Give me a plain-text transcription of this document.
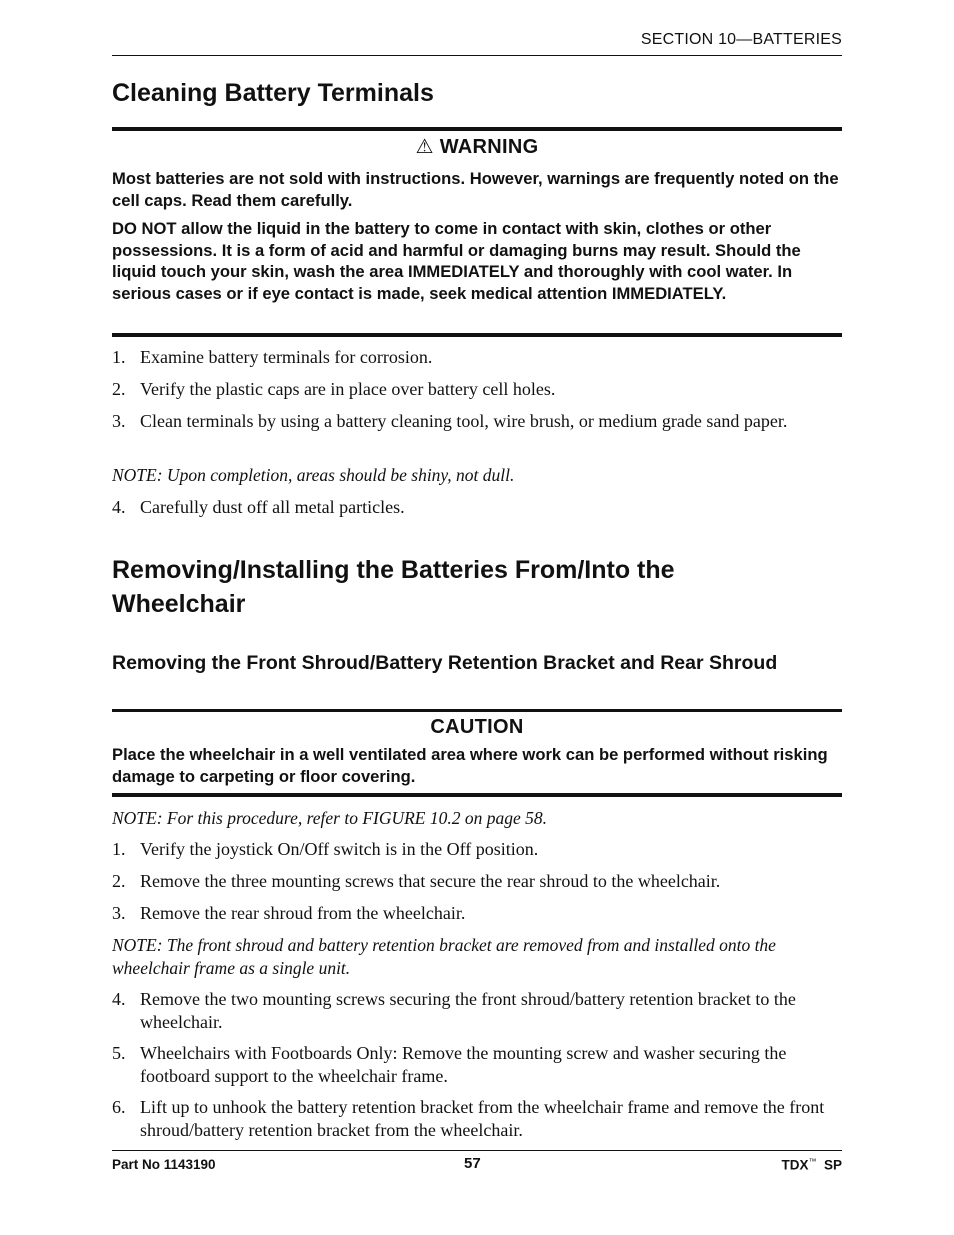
SECTION 10—BATTERIES
Cleaning Battery Terminals
⚠ WARNING
Most batteries are not sold with instructions. However, warnings are frequently noted on the cell caps. Read them carefully.
DO NOT allow the liquid in the battery to come in contact with skin, clothes or other possessions. It is a form of acid and harmful or damaging burns may result. Should the liquid touch your skin, wash the area IMMEDIATELY and thoroughly with cool water. In serious cases or if eye contact is made, seek medical attention IMMEDIATELY.
1. Examine battery terminals for corrosion.
2. Verify the plastic caps are in place over battery cell holes.
3. Clean terminals by using a battery cleaning tool, wire brush, or medium grade sand paper.
NOTE: Upon completion, areas should be shiny, not dull.
4. Carefully dust off all metal particles.
Removing/Installing the Batteries From/Into the Wheelchair
Removing the Front Shroud/Battery Retention Bracket and Rear Shroud
CAUTION
Place the wheelchair in a well ventilated area where work can be performed without risking damage to carpeting or floor covering.
NOTE: For this procedure, refer to FIGURE 10.2 on page 58.
1. Verify the joystick On/Off switch is in the Off position.
2. Remove the three mounting screws that secure the rear shroud to the wheelchair.
3. Remove the rear shroud from the wheelchair.
NOTE: The front shroud and battery retention bracket are removed from and installed onto the wheelchair frame as a single unit.
4. Remove the two mounting screws securing the front shroud/battery retention bracket to the wheelchair.
5. Wheelchairs with Footboards Only: Remove the mounting screw and washer securing the footboard support to the wheelchair frame.
6. Lift up to unhook the battery retention bracket from the wheelchair frame and remove the front shroud/battery retention bracket from the wheelchair.
Part No 1143190	57	TDX™ SP
